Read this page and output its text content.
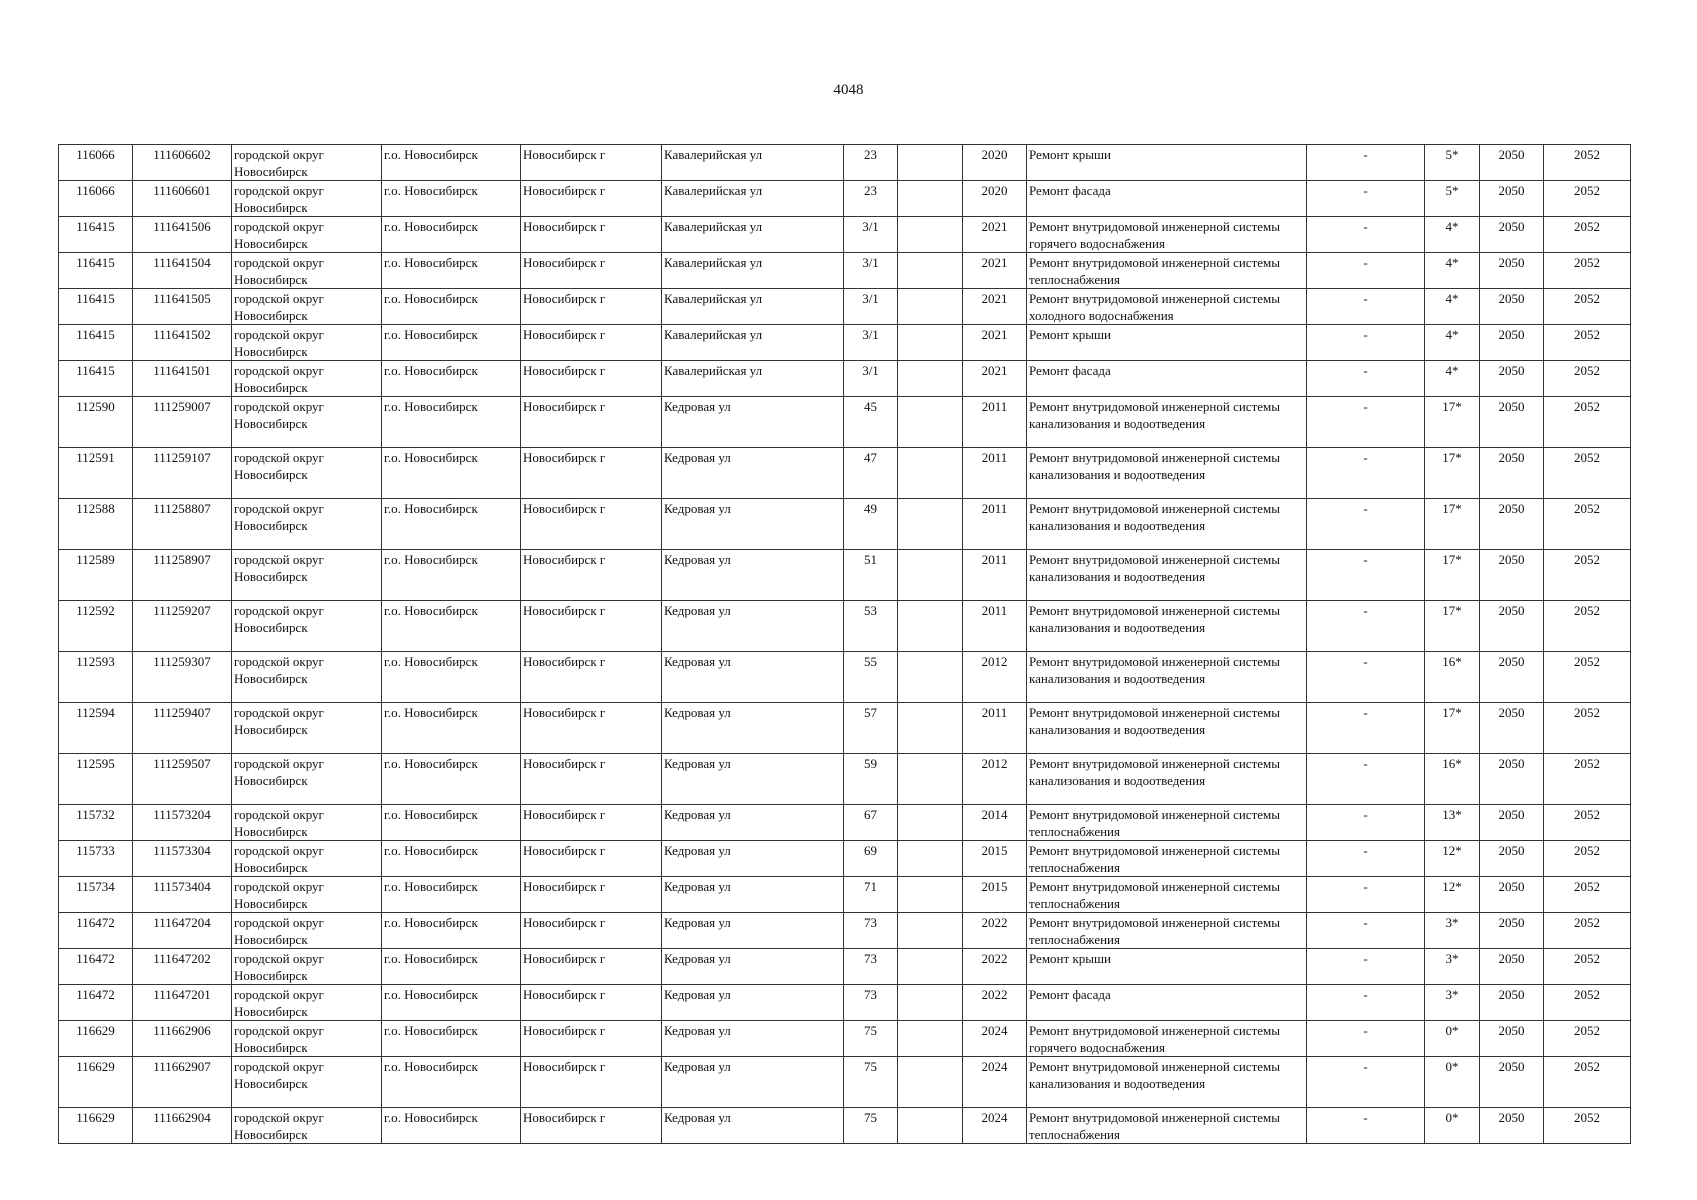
4048
116066	111606602	городской округ Новосибирск	г.о. Новосибирск	Новосибирск г	Кавалерийская ул	23		2020	Ремонт крыши	-	5*	2050	2052
116066	111606601	городской округ Новосибирск	г.о. Новосибирск	Новосибирск г	Кавалерийская ул	23		2020	Ремонт фасада	-	5*	2050	2052
116415	111641506	городской округ Новосибирск	г.о. Новосибирск	Новосибирск г	Кавалерийская ул	3/1		2021	Ремонт внутридомовой инженерной системы горячего водоснабжения	-	4*	2050	2052
116415	111641504	городской округ Новосибирск	г.о. Новосибирск	Новосибирск г	Кавалерийская ул	3/1		2021	Ремонт внутридомовой инженерной системы теплоснабжения	-	4*	2050	2052
116415	111641505	городской округ Новосибирск	г.о. Новосибирск	Новосибирск г	Кавалерийская ул	3/1		2021	Ремонт внутридомовой инженерной системы холодного водоснабжения	-	4*	2050	2052
116415	111641502	городской округ Новосибирск	г.о. Новосибирск	Новосибирск г	Кавалерийская ул	3/1		2021	Ремонт крыши	-	4*	2050	2052
116415	111641501	городской округ Новосибирск	г.о. Новосибирск	Новосибирск г	Кавалерийская ул	3/1		2021	Ремонт фасада	-	4*	2050	2052
112590	111259007	городской округ Новосибирск	г.о. Новосибирск	Новосибирск г	Кедровая ул	45		2011	Ремонт внутридомовой инженерной системы канализования и водоотведения	-	17*	2050	2052
112591	111259107	городской округ Новосибирск	г.о. Новосибирск	Новосибирск г	Кедровая ул	47		2011	Ремонт внутридомовой инженерной системы канализования и водоотведения	-	17*	2050	2052
112588	111258807	городской округ Новосибирск	г.о. Новосибирск	Новосибирск г	Кедровая ул	49		2011	Ремонт внутридомовой инженерной системы канализования и водоотведения	-	17*	2050	2052
112589	111258907	городской округ Новосибирск	г.о. Новосибирск	Новосибирск г	Кедровая ул	51		2011	Ремонт внутридомовой инженерной системы канализования и водоотведения	-	17*	2050	2052
112592	111259207	городской округ Новосибирск	г.о. Новосибирск	Новосибирск г	Кедровая ул	53		2011	Ремонт внутридомовой инженерной системы канализования и водоотведения	-	17*	2050	2052
112593	111259307	городской округ Новосибирск	г.о. Новосибирск	Новосибирск г	Кедровая ул	55		2012	Ремонт внутридомовой инженерной системы канализования и водоотведения	-	16*	2050	2052
112594	111259407	городской округ Новосибирск	г.о. Новосибирск	Новосибирск г	Кедровая ул	57		2011	Ремонт внутридомовой инженерной системы канализования и водоотведения	-	17*	2050	2052
112595	111259507	городской округ Новосибирск	г.о. Новосибирск	Новосибирск г	Кедровая ул	59		2012	Ремонт внутридомовой инженерной системы канализования и водоотведения	-	16*	2050	2052
115732	111573204	городской округ Новосибирск	г.о. Новосибирск	Новосибирск г	Кедровая ул	67		2014	Ремонт внутридомовой инженерной системы теплоснабжения	-	13*	2050	2052
115733	111573304	городской округ Новосибирск	г.о. Новосибирск	Новосибирск г	Кедровая ул	69		2015	Ремонт внутридомовой инженерной системы теплоснабжения	-	12*	2050	2052
115734	111573404	городской округ Новосибирск	г.о. Новосибирск	Новосибирск г	Кедровая ул	71		2015	Ремонт внутридомовой инженерной системы теплоснабжения	-	12*	2050	2052
116472	111647204	городской округ Новосибирск	г.о. Новосибирск	Новосибирск г	Кедровая ул	73		2022	Ремонт внутридомовой инженерной системы теплоснабжения	-	3*	2050	2052
116472	111647202	городской округ Новосибирск	г.о. Новосибирск	Новосибирск г	Кедровая ул	73		2022	Ремонт крыши	-	3*	2050	2052
116472	111647201	городской округ Новосибирск	г.о. Новосибирск	Новосибирск г	Кедровая ул	73		2022	Ремонт фасада	-	3*	2050	2052
116629	111662906	городской округ Новосибирск	г.о. Новосибирск	Новосибирск г	Кедровая ул	75		2024	Ремонт внутридомовой инженерной системы горячего водоснабжения	-	0*	2050	2052
116629	111662907	городской округ Новосибирск	г.о. Новосибирск	Новосибирск г	Кедровая ул	75		2024	Ремонт внутридомовой инженерной системы канализования и водоотведения	-	0*	2050	2052
116629	111662904	городской округ Новосибирск	г.о. Новосибирск	Новосибирск г	Кедровая ул	75		2024	Ремонт внутридомовой инженерной системы теплоснабжения	-	0*	2050	2052
